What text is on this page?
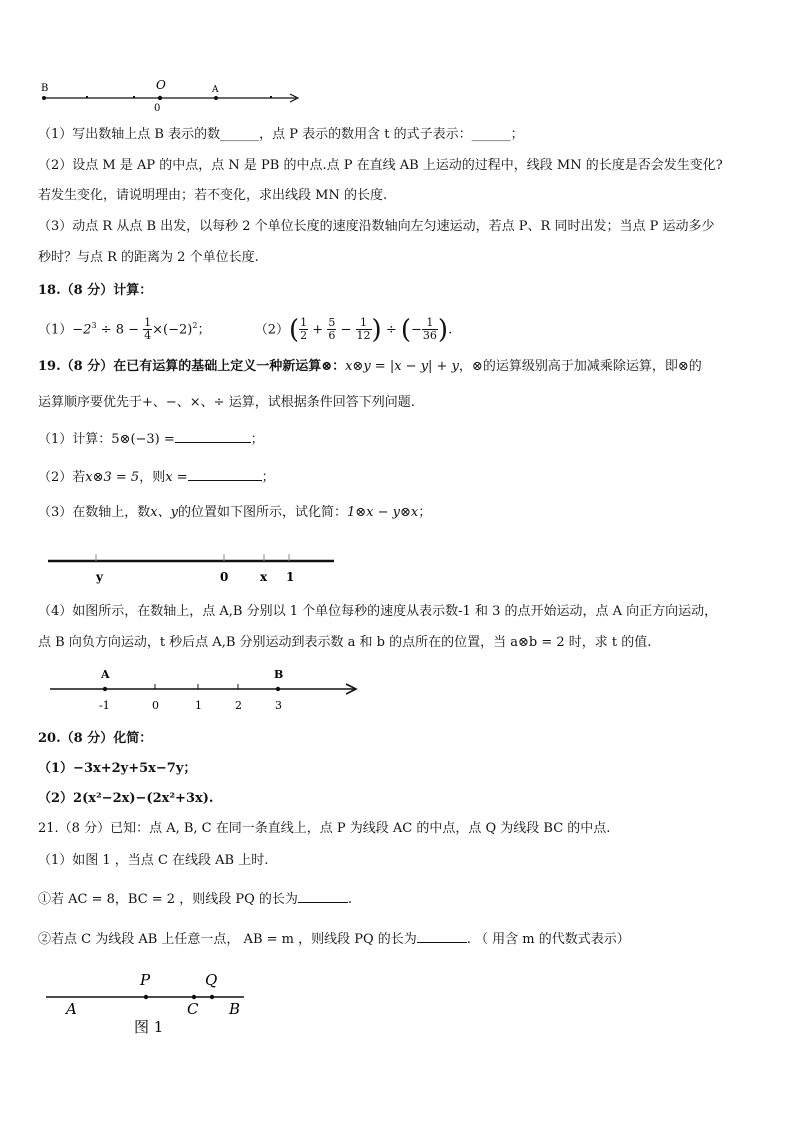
B	O
0
A
（1）写出数轴上点 B 表示的数______，点 P 表示的数用含 t 的式子表示：______；
（2）设点 M 是 AP 的中点，点 N 是 PB 的中点.点 P 在直线 AB 上运动的过程中，线段 MN 的长度是否会发生变化?
若发生变化，请说明理由；若不变化，求出线段 MN 的长度.
（3）动点 R 从点 B 出发，以每秒 2 个单位长度的速度沿数轴向左匀速运动，若点 P、R 同时出发；当点 P 运动多少
秒时？与点 R 的距离为 2 个单位长度.
18.（8 分）计算：
$(1)-2^3 \div 8 - \frac{1}{4} \times(-2)^2$；	$(2)( \frac{1}{2} + \frac{5}{6} - \frac{1}{12}$ ) ÷ (− $\frac{1}{36}$ ).
19.（8 分）在已有运算的基础上定义一种新运算⊗：x⊗y = |x − y| + y，⊗的运算级别高于加减乘除运算，即⊗的
运算顺序要优先于+、−、×、÷ 运算，试根据条件回答下列问题.
（1）计算：5⊗(−3) =	；
（2）若x⊗3 = 5，则x =	；
（3）在数轴上，数x、y的位置如下图所示，试化简：1⊗x − y⊗x；
y	0	x 1
（4）如图所示，在数轴上，点 A,B 分别以 1 个单位每秒的速度从表示数-1 和 3 的点开始运动，点 A 向正方向运动，
点 B 向负方向运动，t 秒后点 A,B 分别运动到表示数 a 和 b 的点所在的位置，当 a⊗b = 2 时，求 t 的值.
A	B
-1	0	1	2	3
20.（8 分）化简：
（1）−3x+2y+5x−7y；
（2）2(x²−2x)−(2x²+3x).
21.（8 分）已知：点 A, B, C 在同一条直线上，点 P 为线段 AC 的中点，点 Q 为线段 BC 的中点.
（1）如图 1 ，当点 C 在线段 AB 上时.
①若 AC = 8，BC = 2 ，则线段 PQ 的长为	.
②若点 C 为线段 AB 上任意一点， AB = m ，则线段 PQ 的长为	. （ 用含 m 的代数式表示）
P	Q
A	C B
图 1
